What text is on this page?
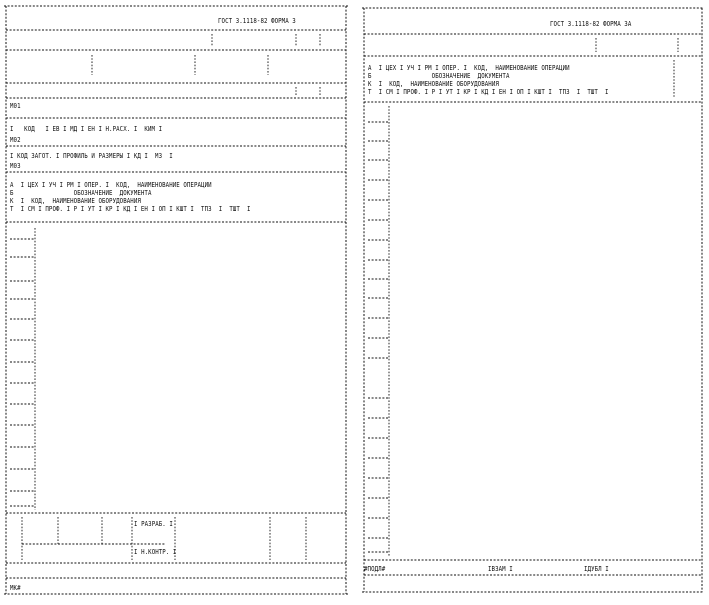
ГОСТ 3.1118-82 ФОРМА 3
М01
I   КОД   I ЕВ I МД I ЕН I Н.РАСХ. I  КИМ I
М02
I КОД ЗАГОТ. I ПРОФИЛЬ И РАЗМЕРЫ I КД I  МЗ  I
М03
А  I ЦЕХ I УЧ I РМ I ОПЕР. I  КОД,  НАИМЕНОВАНИЕ ОПЕРАЦИИ
Б                 ОБОЗНАЧЕНИЕ  ДОКУМЕНТА
К  I  КОД,  НАИМЕНОВАНИЕ ОБОРУДОВАНИЯ
Т  I СМ I ПРОФ. I Р I УТ I КР I КД I ЕН I ОП I КШТ I  ТПЗ  I  ТШТ  I
I РАЗРАБ. I
I Н.КОНТР. I
МК#
ГОСТ 3.1118-82 ФОРМА 3А
А  I ЦЕХ I УЧ I РМ I ОПЕР. I  КОД,  НАИМЕНОВАНИЕ ОПЕРАЦИИ
Б                 ОБОЗНАЧЕНИЕ  ДОКУМЕНТА
К  I  КОД,  НАИМЕНОВАНИЕ ОБОРУДОВАНИЯ
Т  I СМ I ПРОФ. I Р I УТ I КР I КД I ЕН I ОП I КШТ I  ТПЗ  I  ТШТ  I
#ПОДЛ#	IВЗАМ I	IДУБЛ I
